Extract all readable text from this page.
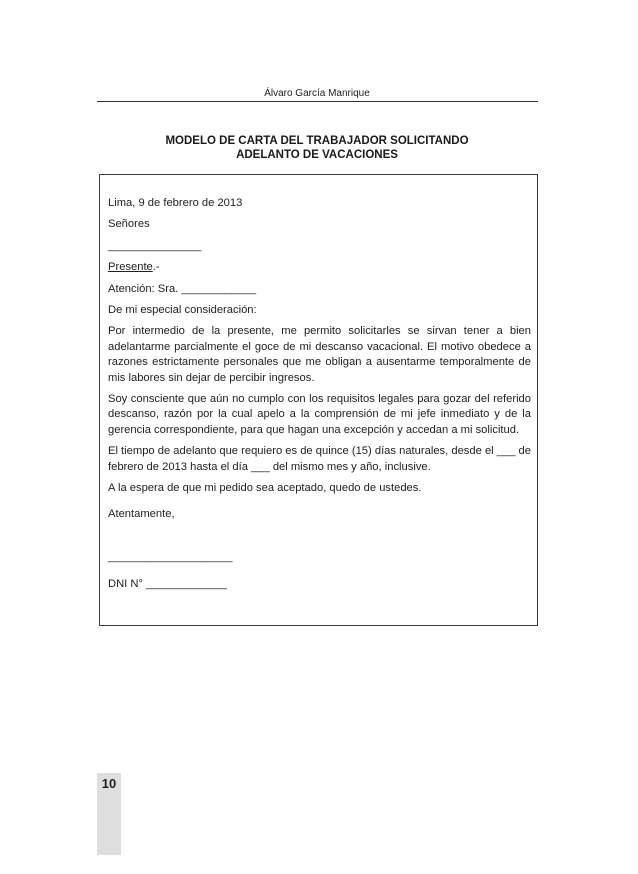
Álvaro García Manrique
MODELO DE CARTA DEL TRABAJADOR SOLICITANDO
ADELANTO DE VACACIONES

Lima, 9 de febrero de 2013

Señores

_______________

Presente.-

Atención: Sra. ____________

De mi especial consideración:

Por intermedio de la presente, me permito solicitarles se sirvan tener a bien adelantarme parcialmente el goce de mi descanso vacacional. El motivo obedece a razones estrictamente personales que me obligan a ausentarme temporalmente de mis labores sin dejar de percibir ingresos.

Soy consciente que aún no cumplo con los requisitos legales para gozar del referido descanso, razón por la cual apelo a la comprensión de mi jefe inmediato y de la gerencia correspondiente, para que hagan una excepción y accedan a mi solicitud.

El tiempo de adelanto que requiero es de quince (15) días naturales, desde el ___ de febrero de 2013 hasta el día ___ del mismo mes y año, inclusive.

A la espera de que mi pedido sea aceptado, quedo de ustedes.

Atentamente,

____________________

DNI N° _____________

10
